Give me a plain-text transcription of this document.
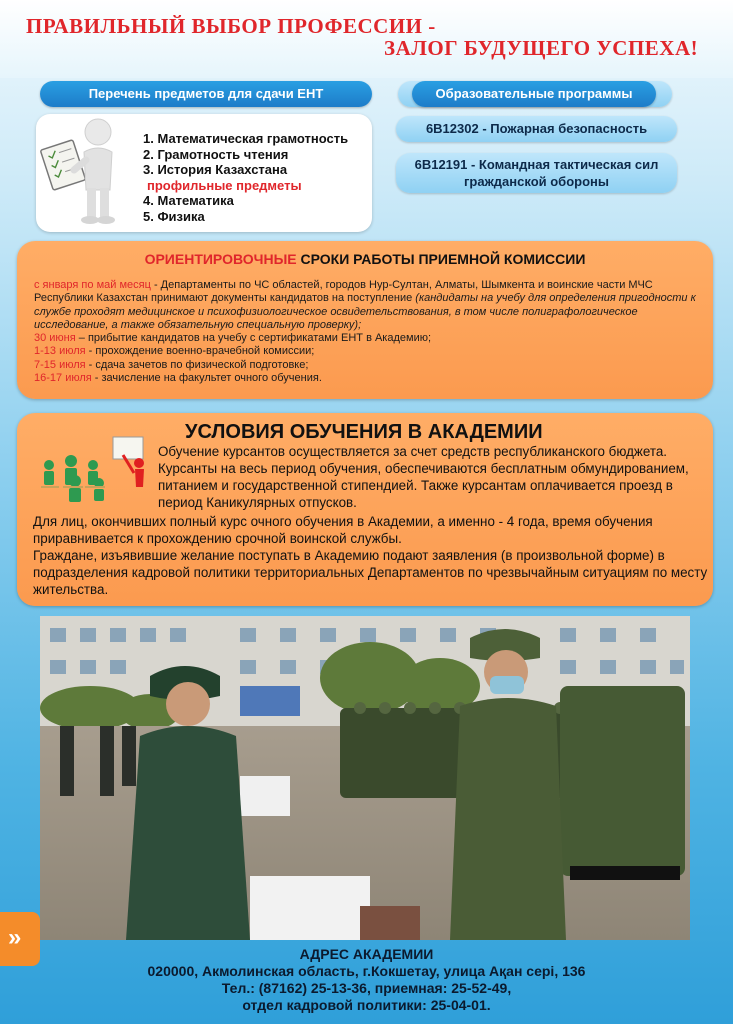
ПРАВИЛЬНЫЙ ВЫБОР ПРОФЕССИИ -
ЗАЛОГ БУДУЩЕГО УСПЕХА!
Перечень предметов для сдачи ЕНТ
1. Математическая грамотность
2. Грамотность чтения
3. История Казахстана
профильные предметы
4. Математика
5. Физика
Образовательные программы
6В12302 - Пожарная безопасность
6В12191 - Командная тактическая сил гражданской обороны
ОРИЕНТИРОВОЧНЫЕ СРОКИ РАБОТЫ ПРИЕМНОЙ КОМИССИИ
с января по май месяц - Департаменты по ЧС областей, городов Нур-Султан, Алматы, Шымкента и воинские части МЧС Республики Казахстан принимают документы кандидатов на поступление (кандидаты на учебу для определения пригодности к службе проходят медицинское и психофизиологическое освидетельствования, в том числе полиграфологическое исследование, а также обязательную специальную проверку);
30 июня – прибытие кандидатов на учебу с сертификатами ЕНТ в Академию;
1-13 июля - прохождение военно-врачебной комиссии;
7-15 июля - сдача зачетов по физической подготовке;
16-17 июля - зачисление на факультет очного обучения.
УСЛОВИЯ ОБУЧЕНИЯ В АКАДЕМИИ
Обучение курсантов осуществляется за счет средств республиканского бюджета. Курсанты на весь период обучения, обеспечиваются бесплатным обмундированием, питанием и государственной стипендией. Также курсантам оплачивается проезд в период Каникулярных отпусков.
Для лиц, окончивших полный курс очного обучения в Академии, а именно - 4 года, время обучения приравнивается к прохождению срочной воинской службы.
Граждане, изъявившие желание поступать в Академию подают заявления (в произвольной форме) в подразделения кадровой политики территориальных Департаментов по чрезвычайным ситуациям по месту жительства.
»
АДРЕС АКАДЕМИИ
020000, Акмолинская область, г.Кокшетау, улица Ақан серi, 136
Тел.: (87162) 25-13-36, приемная: 25-52-49,
отдел кадровой политики: 25-04-01.
